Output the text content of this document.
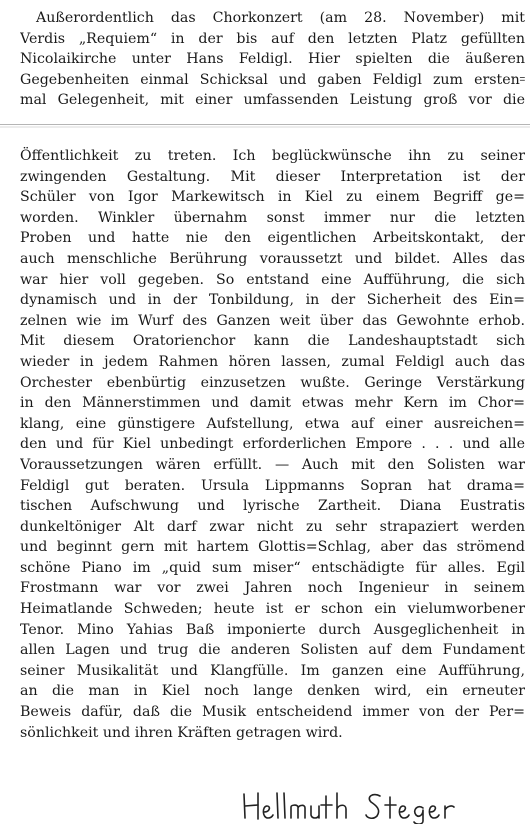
Außerordentlich das Chorkonzert (am 28. November) mit
Verdis „Requiem“ in der bis auf den letzten Platz gefüllten
Nicolaikirche unter Hans Feldigl. Hier spielten die äußeren
Gegebenheiten einmal Schicksal und gaben Feldigl zum ersten꞊
mal Gelegenheit, mit einer umfassenden Leistung groß vor die
Öffentlichkeit zu treten. Ich beglückwünsche ihn zu seiner
zwingenden Gestaltung. Mit dieser Interpretation ist der
Schüler von Igor Markewitsch in Kiel zu einem Begriff ge=
worden. Winkler übernahm sonst immer nur die letzten
Proben und hatte nie den eigentlichen Arbeitskontakt, der
auch menschliche Berührung voraussetzt und bildet. Alles das
war hier voll gegeben. So entstand eine Aufführung, die sich
dynamisch und in der Tonbildung, in der Sicherheit des Ein=
zelnen wie im Wurf des Ganzen weit über das Gewohnte erhob.
Mit diesem Oratorienchor kann die Landeshauptstadt sich
wieder in jedem Rahmen hören lassen, zumal Feldigl auch das
Orchester ebenbürtig einzusetzen wußte. Geringe Verstärkung
in den Männerstimmen und damit etwas mehr Kern im Chor=
klang, eine günstigere Aufstellung, etwa auf einer ausreichen=
den und für Kiel unbedingt erforderlichen Empore . . . und alle
Voraussetzungen wären erfüllt. — Auch mit den Solisten war
Feldigl gut beraten. Ursula Lippmanns Sopran hat drama=
tischen Aufschwung und lyrische Zartheit. Diana Eustratis
dunkeltöniger Alt darf zwar nicht zu sehr strapaziert werden
und beginnt gern mit hartem Glottis=Schlag, aber das strömend
schöne Piano im „quid sum miser“ entschädigte für alles. Egil
Frostmann war vor zwei Jahren noch Ingenieur in seinem
Heimatlande Schweden; heute ist er schon ein vielumworbener
Tenor. Mino Yahias Baß imponierte durch Ausgeglichenheit in
allen Lagen und trug die anderen Solisten auf dem Fundament
seiner Musikalität und Klangfülle. Im ganzen eine Aufführung,
an die man in Kiel noch lange denken wird, ein erneuter
Beweis dafür, daß die Musik entscheidend immer von der Per=
sönlichkeit und ihren Kräften getragen wird.
